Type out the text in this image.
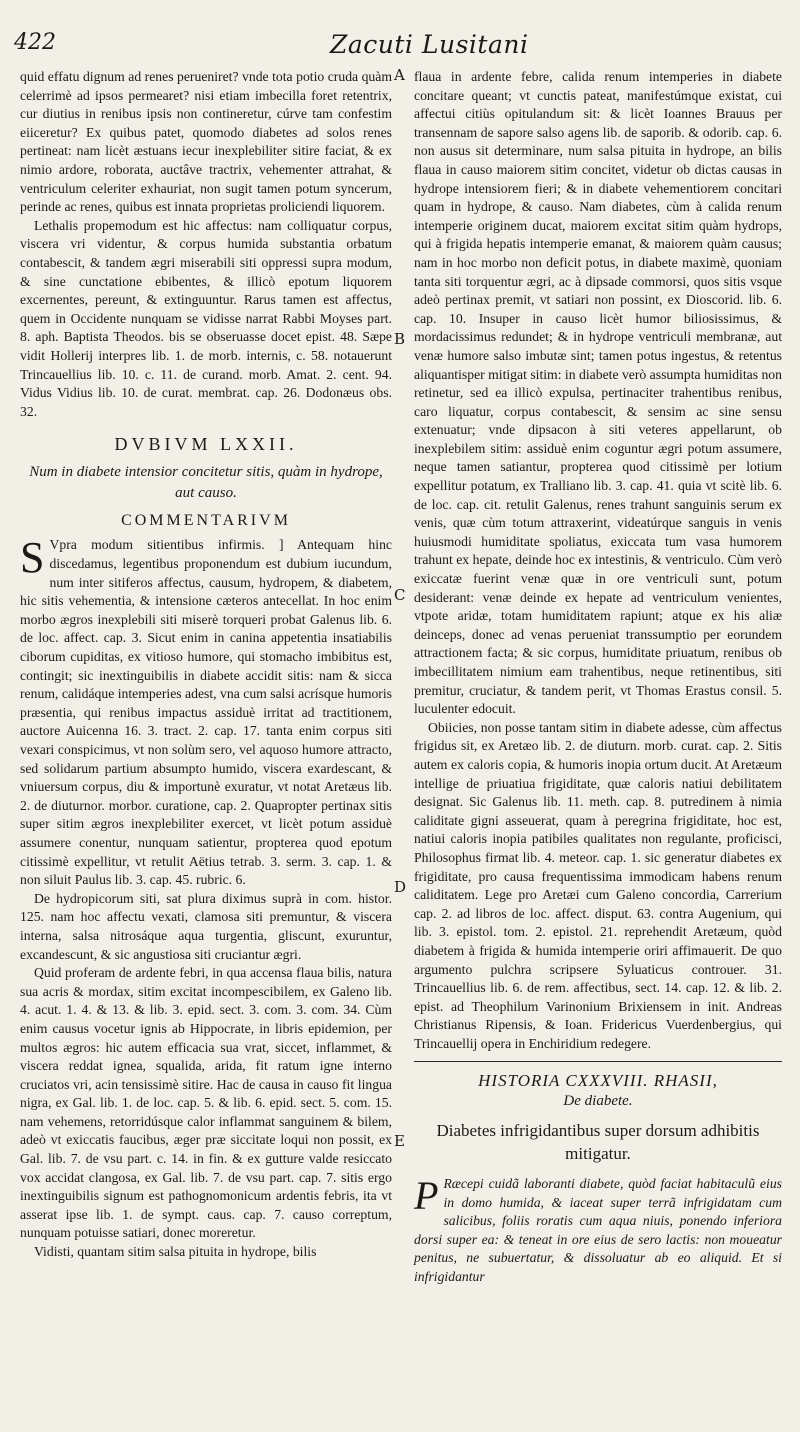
422	Zacuti Lusitani
A
B
C
D
E

quid effatu dignum ad renes perueniret? vnde tota potio cruda quàm celerrimè ad ipsos permearet? nisi etiam imbecilla foret retentrix, cur diutius in renibus ipsis non contineretur, cúrve tam confestim eiiceretur? Ex quibus patet, quomodo diabetes ad solos renes pertineat: nam licèt æstuans iecur inexplebiliter sitire faciat, & ex nimio ardore, roborata, auctâve tractrix, vehementer attrahat, & ventriculum celeriter exhauriat, non sugit tamen potum syncerum, perinde ac renes, quibus est innata proprietas proliciendi liquorem.

Lethalis propemodum est hic affectus: nam colliquatur corpus, viscera vri videntur, & corpus humida substantia orbatum contabescit, & tandem ægri miserabili siti oppressi supra modum, & sine cunctatione ebibentes, & illicò epotum liquorem excernentes, pereunt, & extinguuntur. Rarus tamen est affectus, quem in Occidente nunquam se vidisse narrat Rabbi Moyses part. 8. aph. Baptista Theodos. bis se obseruasse docet epist. 48. Sæpe vidit Hollerij interpres lib. 1. de morb. internis, c. 58. notauerunt Trincauellius lib. 10. c. 11. de curand. morb. Amat. 2. cent. 94. Vidus Vidius lib. 10. de curat. membrat. cap. 26. Dodonæus obs. 32.

DVBIVM LXXII.
Num in diabete intensior concitetur sitis, quàm in hydrope, aut causo.
COMMENTARIVM

S Vpra modum sitientibus infirmis. ] Antequam hinc discedamus, legentibus proponendum est dubium iucundum, num inter sitiferos affectus, causum, hydropem, & diabetem, hic sitis vehementia, & intensione cæteros antecellat. In hoc enim morbo ægros inexplebili siti miserè torqueri probat Galenus lib. 6. de loc. affect. cap. 3. Sicut enim in canina appetentia insatiabilis ciborum cupiditas, ex vitioso humore, qui stomacho imbibitus est, contingit; sic inextinguibilis in diabete accidit sitis: nam & sicca renum, calidáque intemperies adest, vna cum salsi acrísque humoris præsentia, qui renibus impactus assiduè irritat ad tractitionem, auctore Auicenna 16. 3. tract. 2. cap. 17. tanta enim corpus siti vexari conspicimus, vt non solùm sero, vel aquoso humore attracto, sed solidarum partium absumpto humido, viscera exardescant, & vniuersum corpus, diu & importunè exuratur, vt notat Aretæus lib. 2. de diuturnor. morbor. curatione, cap. 2. Quapropter pertinax sitis super sitim ægros inexplebiliter exercet, vt licèt potum assiduè assumere conentur, nunquam satientur, propterea quod epotum citissimè expellitur, vt retulit Aëtius tetrab. 3. serm. 3. cap. 1. & non siluit Paulus lib. 3. cap. 45. rubric. 6.

De hydropicorum siti, sat plura diximus suprà in com. histor. 125. nam hoc affectu vexati, clamosa siti premuntur, & viscera interna, salsa nitrosáque aqua turgentia, gliscunt, exuruntur, excandescunt, & sic angustiosa siti cruciantur ægri.

Quid proferam de ardente febri, in qua accensa flaua bilis, natura sua acris & mordax, sitim excitat incompescibilem, ex Galeno lib. 4. acut. 1. 4. & 13. & lib. 3. epid. sect. 3. com. 3. com. 34. Cùm enim causus vocetur ignis ab Hippocrate, in libris epidemion, per multos ægros: hic autem efficacia sua vrat, siccet, inflammet, & viscera reddat ignea, squalida, arida, fit ratum igne interno cruciatos vri, acin tensissimè sitire. Hac de causa in causo fit lingua nigra, ex Gal. lib. 1. de loc. cap. 5. & lib. 6. epid. sect. 5. com. 15. nam vehemens, retorridúsque calor inflammat sanguinem & bilem, adeò vt exiccatis faucibus, æger præ siccitate loqui non possit, ex Gal. lib. 7. de vsu part. c. 14. in fin. & ex gutture valde resiccato vox accidat clangosa, ex Gal. lib. 7. de vsu part. cap. 7. sitis ergo inextinguibilis signum est pathognomonicum ardentis febris, ita vt asserat ipse lib. 1. de sympt. caus. cap. 7. causo correptum, nunquam potuisse satiari, donec moreretur.

Vidisti, quantam sitim salsa pituita in hydrope, bilis

flaua in ardente febre, calida renum intemperies in diabete concitare queant; vt cunctis pateat, manifestúmque existat, cui affectui citiùs opitulandum sit: & licèt Ioannes Brauus per transennam de sapore salso agens lib. de saporib. & odorib. cap. 6. non ausus sit determinare, num salsa pituita in hydrope, an bilis flaua in causo maiorem sitim concitet, videtur ob dictas causas in hydrope intensiorem fieri; & in diabete vehementiorem concitari quam in hydrope, & causo. Nam diabetes, cùm à calida renum intemperie originem ducat, maiorem excitat sitim quàm hydrops, qui à frigida hepatis intemperie emanat, & maiorem quàm causus; nam in hoc morbo non deficit potus, in diabete maximè, quoniam tanta siti torquentur ægri, ac à dipsade commorsi, quos sitis vsque adeò pertinax premit, vt satiari non possint, ex Dioscorid. lib. 6. cap. 10. Insuper in causo licèt humor biliosissimus, & mordacissimus redundet; & in hydrope ventriculi membranæ, aut venæ humore salso imbutæ sint; tamen potus ingestus, & retentus aliquantisper mitigat sitim: in diabete verò assumpta humiditas non retinetur, sed ea illicò expulsa, pertinaciter trahentibus renibus, caro liquatur, corpus contabescit, & sensim ac sine sensu extenuatur; vnde dipsacon à siti veteres appellarunt, ob inexplebilem sitim: assiduè enim coguntur ægri potum assumere, neque tamen satiantur, propterea quod citissimè per lotium expellitur potatum, ex Tralliano lib. 3. cap. 41. quia vt scitè lib. 6. de loc. cap. cit. retulit Galenus, renes trahunt sanguinis serum ex venis, quæ cùm totum attraxerint, videatúrque sanguis in venis huiusmodi humiditate spoliatus, exiccata tum vasa humorem trahunt ex hepate, deinde hoc ex intestinis, & ventriculo. Cùm verò exiccatæ fuerint venæ quæ in ore ventriculi sunt, potum desiderant: venæ deinde ex hepate ad ventriculum venientes, vtpote aridæ, totam humiditatem rapiunt; atque ex his aliæ deinceps, donec ad venas perueniat transsumptio per eorundem attractionem facta; & sic corpus, humiditate priuatum, renibus ob imbecillitatem nimium eam trahentibus, neque retinentibus, siti premitur, cruciatur, & tandem perit, vt Thomas Erastus consil. 5. luculenter edocuit.

Obiicies, non posse tantam sitim in diabete adesse, cùm affectus frigidus sit, ex Aretæo lib. 2. de diuturn. morb. curat. cap. 2. Sitis autem ex caloris copia, & humoris inopia ortum ducit. At Aretæum intellige de priuatiua frigiditate, quæ caloris natiui debilitatem designat. Sic Galenus lib. 11. meth. cap. 8. putredinem à nimia caliditate gigni asseuerat, quam à peregrina frigiditate, hoc est, natiui caloris inopia patibiles qualitates non regulante, proficisci, Philosophus firmat lib. 4. meteor. cap. 1. sic generatur diabetes ex frigiditate, pro causa frequentissima immodicam habens renum caliditatem. Lege pro Aretæi cum Galeno concordia, Carrerium cap. 2. ad libros de loc. affect. disput. 63. contra Augenium, qui lib. 3. epistol. tom. 2. epistol. 21. reprehendit Aretæum, quòd diabetem à frigida & humida intemperie oriri affimauerit. De quo argumento pulchra scripsere Syluaticus controuer. 31. Trincauellius lib. 6. de rem. affectibus, sect. 14. cap. 12. & lib. 2. epist. ad Theophilum Varinonium Brixiensem in init. Andreas Christianus Ripensis, & Ioan. Fridericus Vuerdenbergius, qui Trincauellij opera in Enchiridium redegere.

HISTORIA CXXXVIII. RHASII,
De diabete.
Diabetes infrigidantibus super dorsum adhibitis mitigatur.

P Ræcepi cuidã laboranti diabete, quòd faciat habitaculũ eius in domo humida, & iaceat super terrã infrigidatam cum salicibus, foliis roratis cum aqua niuis, ponendo inferiora dorsi super ea: & teneat in ore eius de sero lactis: non moueatur penitus, ne subuertatur, & dissoluatur ab eo aliquid. Et si infrigidantur
